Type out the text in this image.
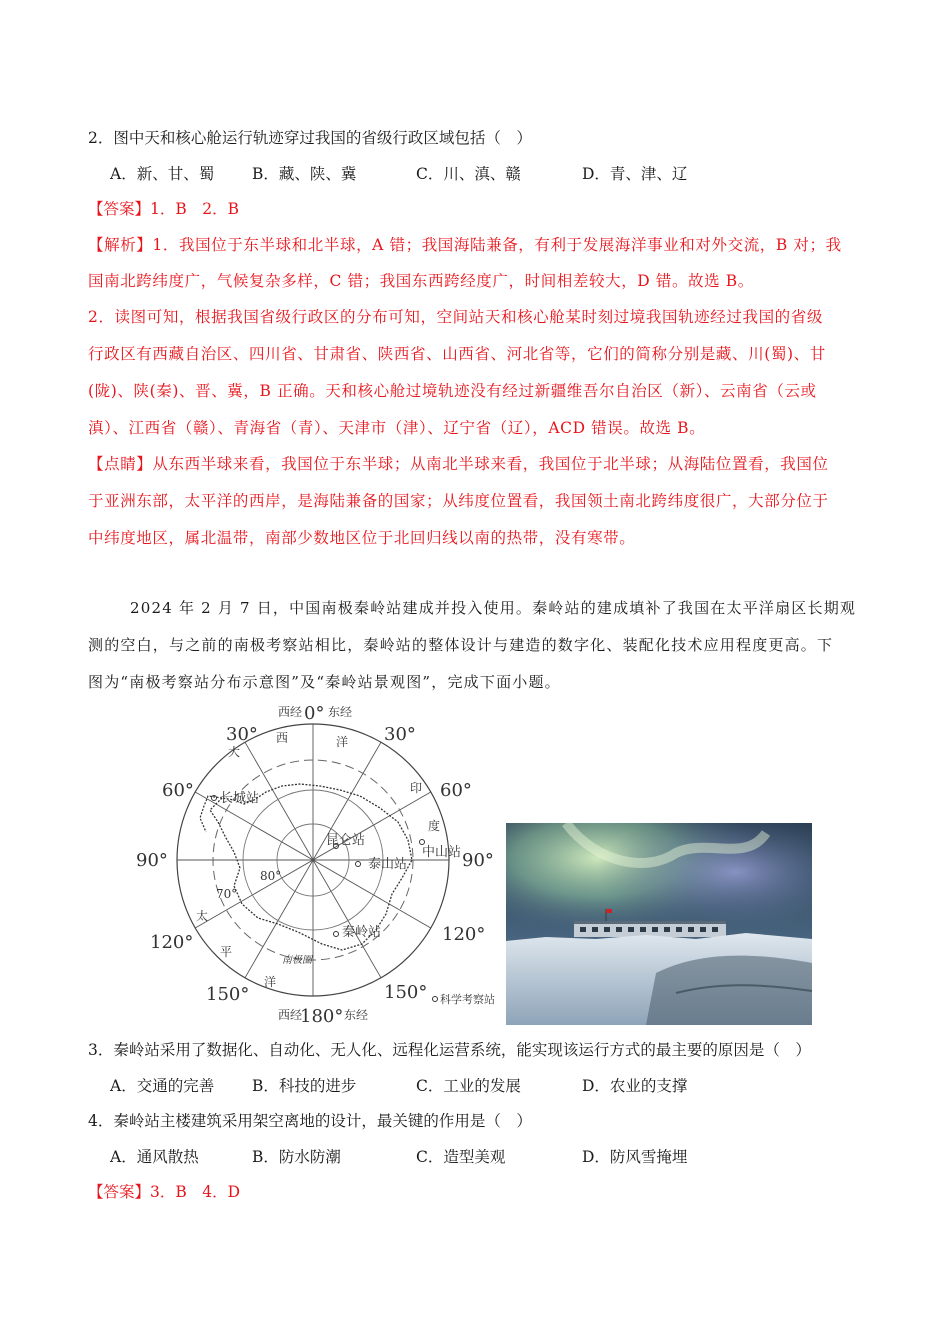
2．图中天和核心舱运行轨迹穿过我国的省级行政区域包括（　）
A．新、甘、蜀 B．藏、陕、冀	C．川、滇、赣	D．青、津、辽
【答案】1．B　2．B
【解析】1．我国位于东半球和北半球，A 错；我国海陆兼备，有利于发展海洋事业和对外交流，B 对；我
国南北跨纬度广，气候复杂多样，C 错；我国东西跨经度广，时间相差较大，D 错。故选 B。
2．读图可知，根据我国省级行政区的分布可知，空间站天和核心舱某时刻过境我国轨迹经过我国的省级
行政区有西藏自治区、四川省、甘肃省、陕西省、山西省、河北省等，它们的简称分别是藏、川(蜀)、甘
(陇)、陕(秦)、晋、冀，B 正确。天和核心舱过境轨迹没有经过新疆维吾尔自治区（新）、云南省（云或
滇）、江西省（赣）、青海省（青）、天津市（津）、辽宁省（辽），ACD 错误。故选 B。
【点睛】从东西半球来看，我国位于东半球；从南北半球来看，我国位于北半球；从海陆位置看，我国位
于亚洲东部，太平洋的西岸，是海陆兼备的国家；从纬度位置看，我国领土南北跨纬度很广，大部分位于
中纬度地区，属北温带，南部少数地区位于北回归线以南的热带，没有寒带。
2024 年 2 月 7 日，中国南极秦岭站建成并投入使用。秦岭站的建成填补了我国在太平洋扇区长期观
测的空白，与之前的南极考察站相比，秦岭站的整体设计与建造的数字化、装配化技术应用程度更高。下
图为“南极考察站分布示意图”及“秦岭站景观图”，完成下面小题。
西经 0° 东经
30°	30°
60°	60°
90°	90°
120°	120°
150°	150°
西经
180° 东经
70°
80°
大
西	洋
印
度
太
平
洋
长城站
昆仑站
中山站
泰山站
秦岭站
南极圈
科学考察站
3．秦岭站采用了数据化、自动化、无人化、远程化运营系统，能实现该运行方式的最主要的原因是（　）
A．交通的完善 B．科技的进步	C．工业的发展	D．农业的支撑
4．秦岭站主楼建筑采用架空离地的设计，最关键的作用是（　）
A．通风散热	B．防水防潮	C．造型美观	D．防风雪掩埋
【答案】3．B　4．D
